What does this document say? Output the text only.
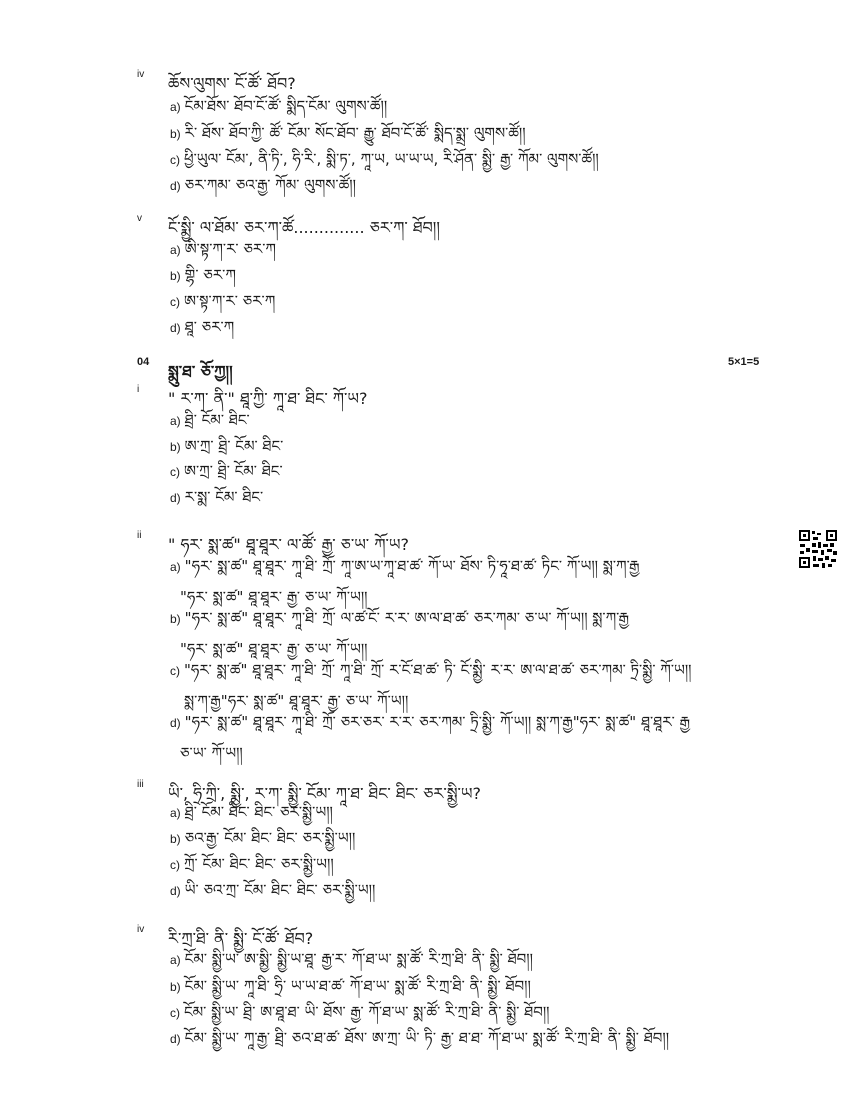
iv ཆོས་ལུགས་ ངོ་ཚོ་ ཐོབ?
a) ངོམ་ཐོས་ ཐོབ་ངོ་ཚོ་ སྨིད་ངོམ་ ལུགས་ཚོ།།
b) རི་ ཐོས་ ཐོབ་ཀྱི་ ཚོ་ ངོམ་ སོང་ཐོབ་ རྒྱུ་ ཐོབ་ངོ་ཚོ་ སྨིད་སྨྲ་ ལུགས་ཚོ།།
c) ཕྱི་ཡུལ་ ངོམ་, ནི་ཏི་, ཧི་རི་, སྨི་ཏ་, ཀཱ་ཡ, ཡ་ཡ་ཡ, རི་ཤོན་ སྨྱི་ རྒྱ་ ཀོམ་ ལུགས་ཚོ།།
d) ཅར་ཀམ་ ཅའ་རྒྱ་ ཀོམ་ ལུགས་ཚོ།།
v ངོ་སྨྱི་ ལ་ཐོམ་ ཅར་ཀ་ཚོ.............. ཅར་ཀ་ ཐོབ།།
a) ཨི་སྟ་ཀ་ར་ ཅར་ཀ
b) གྷི་ ཅར་ཀ
c) ཨ་སྟ་ཀ་ར་ ཅར་ཀ
d) ཐཱ་ ཅར་ཀ
04 སྨུ་ཐ་ ཅོ་ཀྱ།།	5×1=5
i " ར་ཀ་ ནི་" ཐཱ་ཀྱི་ ཀཱ་ཐ་ ཐིང་ ཀོ་ཡ?
a) ཐྲི་ ངོམ་ ཐིང་
b) ཨ་ཀྲ་ ཐྲི་ ངོམ་ ཐིང་
c) ཨ་ཀྲ་ ཐྲི་ ངོམ་ ཐིང་
d) ར་སྨ་ ངོམ་ ཐིང་
ii " ཧར་ སྨ་ཚ" ཐཱ་ཐཱར་ ལ་ཚོ་ རྒྱ་ ཅ་ཡ་ ཀོ་ཡ?
a) "ཧར་ སྨ་ཚ" ཐཱ་ཐཱར་ ཀཱ་ཐི་ ཀྲོ་ ཀཱ་ཨ་ཡ་ཀཱ་ཐ་ཚ་ ཀོ་ཡ་ ཐོས་ ཏི་ཧཱ་ཐ་ཚ་ ཏིང་ ཀོ་ཡ།། སྨ་ཀ་རྒྱ
"ཧར་ སྨ་ཚ" ཐཱ་ཐཱར་ རྒྱ་ ཅ་ཡ་ ཀོ་ཡ།།
b) "ཧར་ སྨ་ཚ" ཐཱ་ཐཱར་ ཀཱ་ཐི་ ཀྲོ་ ལ་ཚ་ངོ་ ར་ར་ ཨ་ལ་ཐ་ཚ་ ཅར་ཀམ་ ཅ་ཡ་ ཀོ་ཡ།། སྨ་ཀ་རྒྱ
"ཧར་ སྨ་ཚ" ཐཱ་ཐཱར་ རྒྱ་ ཅ་ཡ་ ཀོ་ཡ།།
c) "ཧར་ སྨ་ཚ" ཐཱ་ཐཱར་ ཀཱ་ཐི་ ཀྲོ་ ཀཱ་ཐི་ ཀྲོ་ ར་ངོ་ཐ་ཚ་ ཏི་ ངོ་སྨྱི་ ར་ར་ ཨ་ལ་ཐ་ཚ་ ཅར་ཀམ་ ཏྲི་སྨྱི་ ཀོ་ཡ།།
སྨ་ཀ་རྒྱ"ཧར་ སྨ་ཚ" ཐཱ་ཐཱར་ རྒྱ་ ཅ་ཡ་ ཀོ་ཡ།།
d) "ཧར་ སྨ་ཚ" ཐཱ་ཐཱར་ ཀཱ་ཐི་ ཀྲོ་ ཅར་ཅར་ ར་ར་ ཅར་ཀམ་ ཏྲི་སྨྱི་ ཀོ་ཡ།། སྨ་ཀ་རྒྱ"ཧར་ སྨ་ཚ" ཐཱ་ཐཱར་ རྒྱ
ཅ་ཡ་ ཀོ་ཡ།།
iii ཡི་, ཧྲི་ཀྲི་, སྨྱི་, ར་ཀ་ སྨྱི་ ངོམ་ ཀཱ་ཐ་ ཐིང་ ཐིང་ ཅར་སྨྱི་ཡ?
a) ཐྲི་ ངོམ་ ཐིང་ ཐིང་ ཅར་སྨྱི་ཡ།།
b) ཅའ་རྒྱ་ ངོམ་ ཐིང་ ཐིང་ ཅར་སྨྱི་ཡ།།
c) ཀྲོ་ ངོམ་ ཐིང་ ཐིང་ ཅར་སྨྱི་ཡ།།
d) ཡི་ ཅའ་ཀྲ་ ངོམ་ ཐིང་ ཐིང་ ཅར་སྨྱི་ཡ།།
iv རི་ཀྲ་ཐི་ ནི་ སྨྱི་ ངོ་ཚོ་ ཐོབ?
a) ངོམ་ སྨྱི་ཡ་ ཨ་སྨྱི་ སྨྱི་ཡ་ཐཱ་ རྒྱ་ར་ ཀོ་ཐ་ཡ་ སྨ་ཚོ་ རི་ཀྲ་ཐི་ ནི་ སྨྱི་ ཐོབ།།
b) ངོམ་ སྨྱི་ཡ་ ཀཱ་ཐི་ ཧྲི་ ཡ་ཡ་ཐ་ཚ་ ཀོ་ཐ་ཡ་ སྨ་ཚོ་ རི་ཀྲ་ཐི་ ནི་ སྨྱི་ ཐོབ།།
c) ངོམ་ སྨྱི་ཡ་ ཐྲི་ ཨ་ཐཱ་ཐ་ ཡི་ ཐོས་ རྒྱ་ ཀོ་ཐ་ཡ་ སྨ་ཚོ་ རི་ཀྲ་ཐི་ ནི་ སྨྱི་ ཐོབ།།
d) ངོམ་ སྨྱི་ཡ་ ཀཱ་རྒྱ་ ཐྲི་ ཅའ་ཐ་ཚ་ ཐོས་ ཨ་ཀྲ་ ཡི་ ཏི་ རྒྱ་ ཐ་ཐ་ ཀོ་ཐ་ཡ་ སྨ་ཚོ་ རི་ཀྲ་ཐི་ ནི་ སྨྱི་ ཐོབ།།
